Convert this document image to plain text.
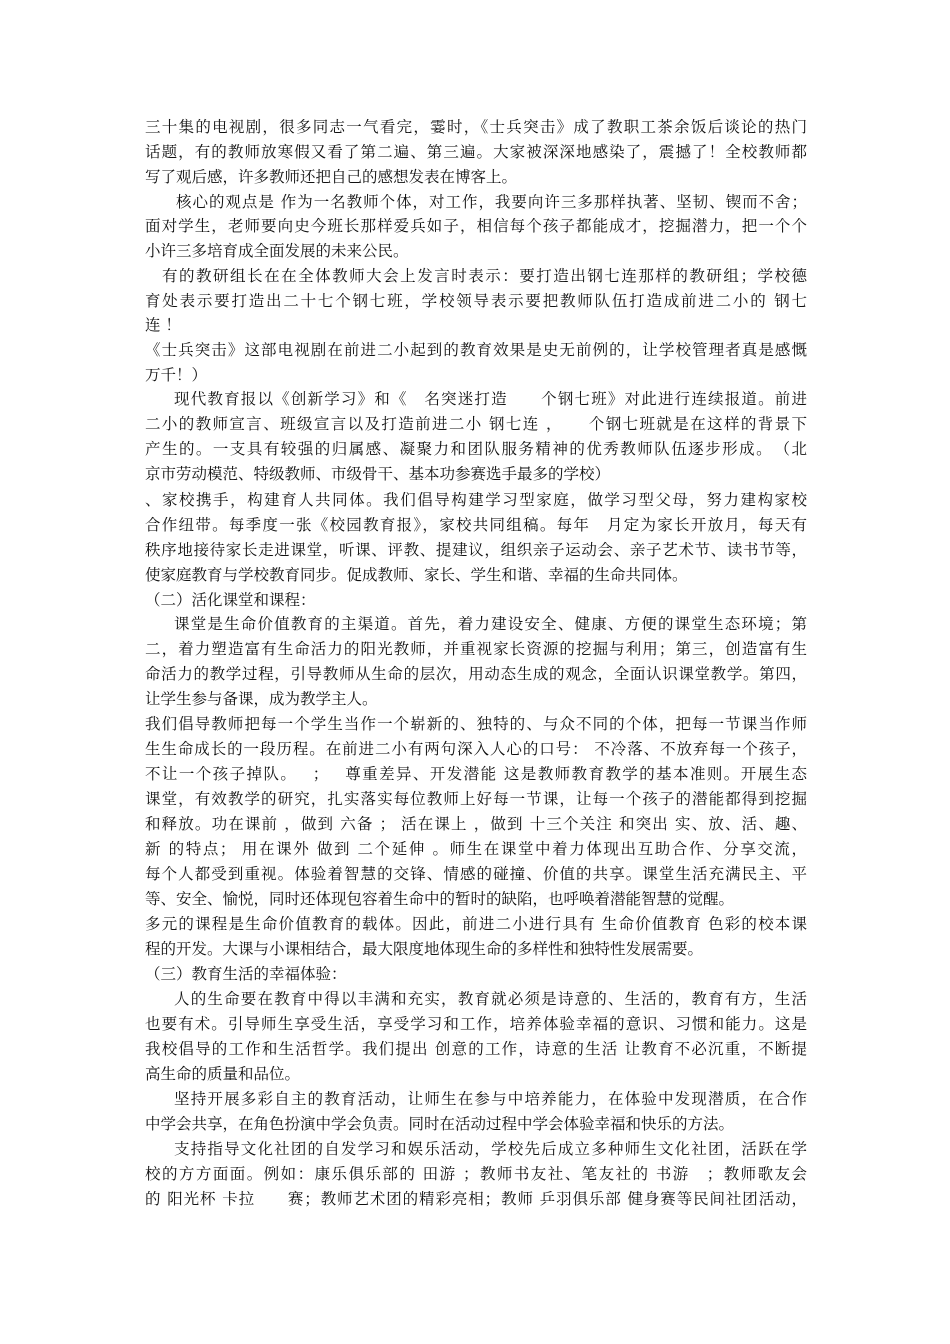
三十集的电视剧，很多同志一气看完，霎时，《士兵突击》成了教职工茶余饭后谈论的热门
话题，有的教师放寒假又看了第二遍、第三遍。大家被深深地感染了，震撼了！全校教师都
写了观后感，许多教师还把自己的感想发表在博客上。
核心的观点是 作为一名教师个体，对工作，我要向许三多那样执著、坚韧、锲而不舍；
面对学生，老师要向史今班长那样爱兵如子，相信每个孩子都能成才，挖掘潜力，把一个个
小许三多培育成全面发展的未来公民。
有的教研组长在在全体教师大会上发言时表示：要打造出钢七连那样的教研组；学校德
育处表示要打造出二十七个钢七班，学校领导表示要把教师队伍打造成前进二小的 钢七
连 ！
《士兵突击》这部电视剧在前进二小起到的教育效果是史无前例的，让学校管理者真是感慨
万千！）
现代教育报以《创新学习》和《　名突迷打造　　个钢七班》对此进行连续报道。前进
二小的教师宣言、班级宣言以及打造前进二小 钢七连 ，　　个钢七班就是在这样的背景下
产生的。一支具有较强的归属感、凝聚力和团队服务精神的优秀教师队伍逐步形成。　（北
京市劳动模范、特级教师、市级骨干、基本功参赛选手最多的学校）
、家校携手，构建育人共同体。我们倡导构建学习型家庭，做学习型父母，努力建构家校
合作纽带。每季度一张《校园教育报》，家校共同组稿。每年　月定为家长开放月，每天有
秩序地接待家长走进课堂，听课、评教、提建议，组织亲子运动会、亲子艺术节、读书节等，
使家庭教育与学校教育同步。促成教师、家长、学生和谐、幸福的生命共同体。
（二）活化课堂和课程：
课堂是生命价值教育的主渠道。首先，着力建设安全、健康、方便的课堂生态环境；第
二，着力塑造富有生命活力的阳光教师，并重视家长资源的挖掘与利用；第三，创造富有生
命活力的教学过程，引导教师从生命的层次，用动态生成的观念，全面认识课堂教学。第四，
让学生参与备课，成为教学主人。
我们倡导教师把每一个学生当作一个崭新的、独特的、与众不同的个体，把每一节课当作师
生生命成长的一段历程。在前进二小有两句深入人心的口号： 不冷落、不放弃每一个孩子，
不让一个孩子掉队。　 ；　 尊重差异、开发潜能 这是教师教育教学的基本准则。开展生态
课堂，有效教学的研究，扎实落实每位教师上好每一节课，让每一个孩子的潜能都得到挖掘
和释放。功在课前 ，做到 六备 ； 活在课上 ，做到 十三个关注 和突出 实、放、活、趣、
新 的特点； 用在课外 做到 二个延伸 。师生在课堂中着力体现出互助合作、分享交流，
每个人都受到重视。体验着智慧的交锋、情感的碰撞、价值的共享。课堂生活充满民主、平
等、安全、愉悦，同时还体现包容着生命中的暂时的缺陷，也呼唤着潜能智慧的觉醒。
多元的课程是生命价值教育的载体。因此，前进二小进行具有 生命价值教育 色彩的校本课
程的开发。大课与小课相结合，最大限度地体现生命的多样性和独特性发展需要。
（三）教育生活的幸福体验：
人的生命要在教育中得以丰满和充实，教育就必须是诗意的、生活的，教育有方，生活
也要有术。引导师生享受生活，享受学习和工作，培养体验幸福的意识、习惯和能力。这是
我校倡导的工作和生活哲学。我们提出 创意的工作，诗意的生活 让教育不必沉重，不断提
高生命的质量和品位。
坚持开展多彩自主的教育活动，让师生在参与中培养能力，在体验中发现潜质，在合作
中学会共享，在角色扮演中学会负责。同时在活动过程中学会体验幸福和快乐的方法。
支持指导文化社团的自发学习和娱乐活动，学校先后成立多种师生文化社团，活跃在学
校的方方面面。例如：康乐俱乐部的 田游 ；教师书友社、笔友社的 书游　；教师歌友会
的 阳光杯 卡拉　　赛；教师艺术团的精彩亮相；教师 乒羽俱乐部 健身赛等民间社团活动，
